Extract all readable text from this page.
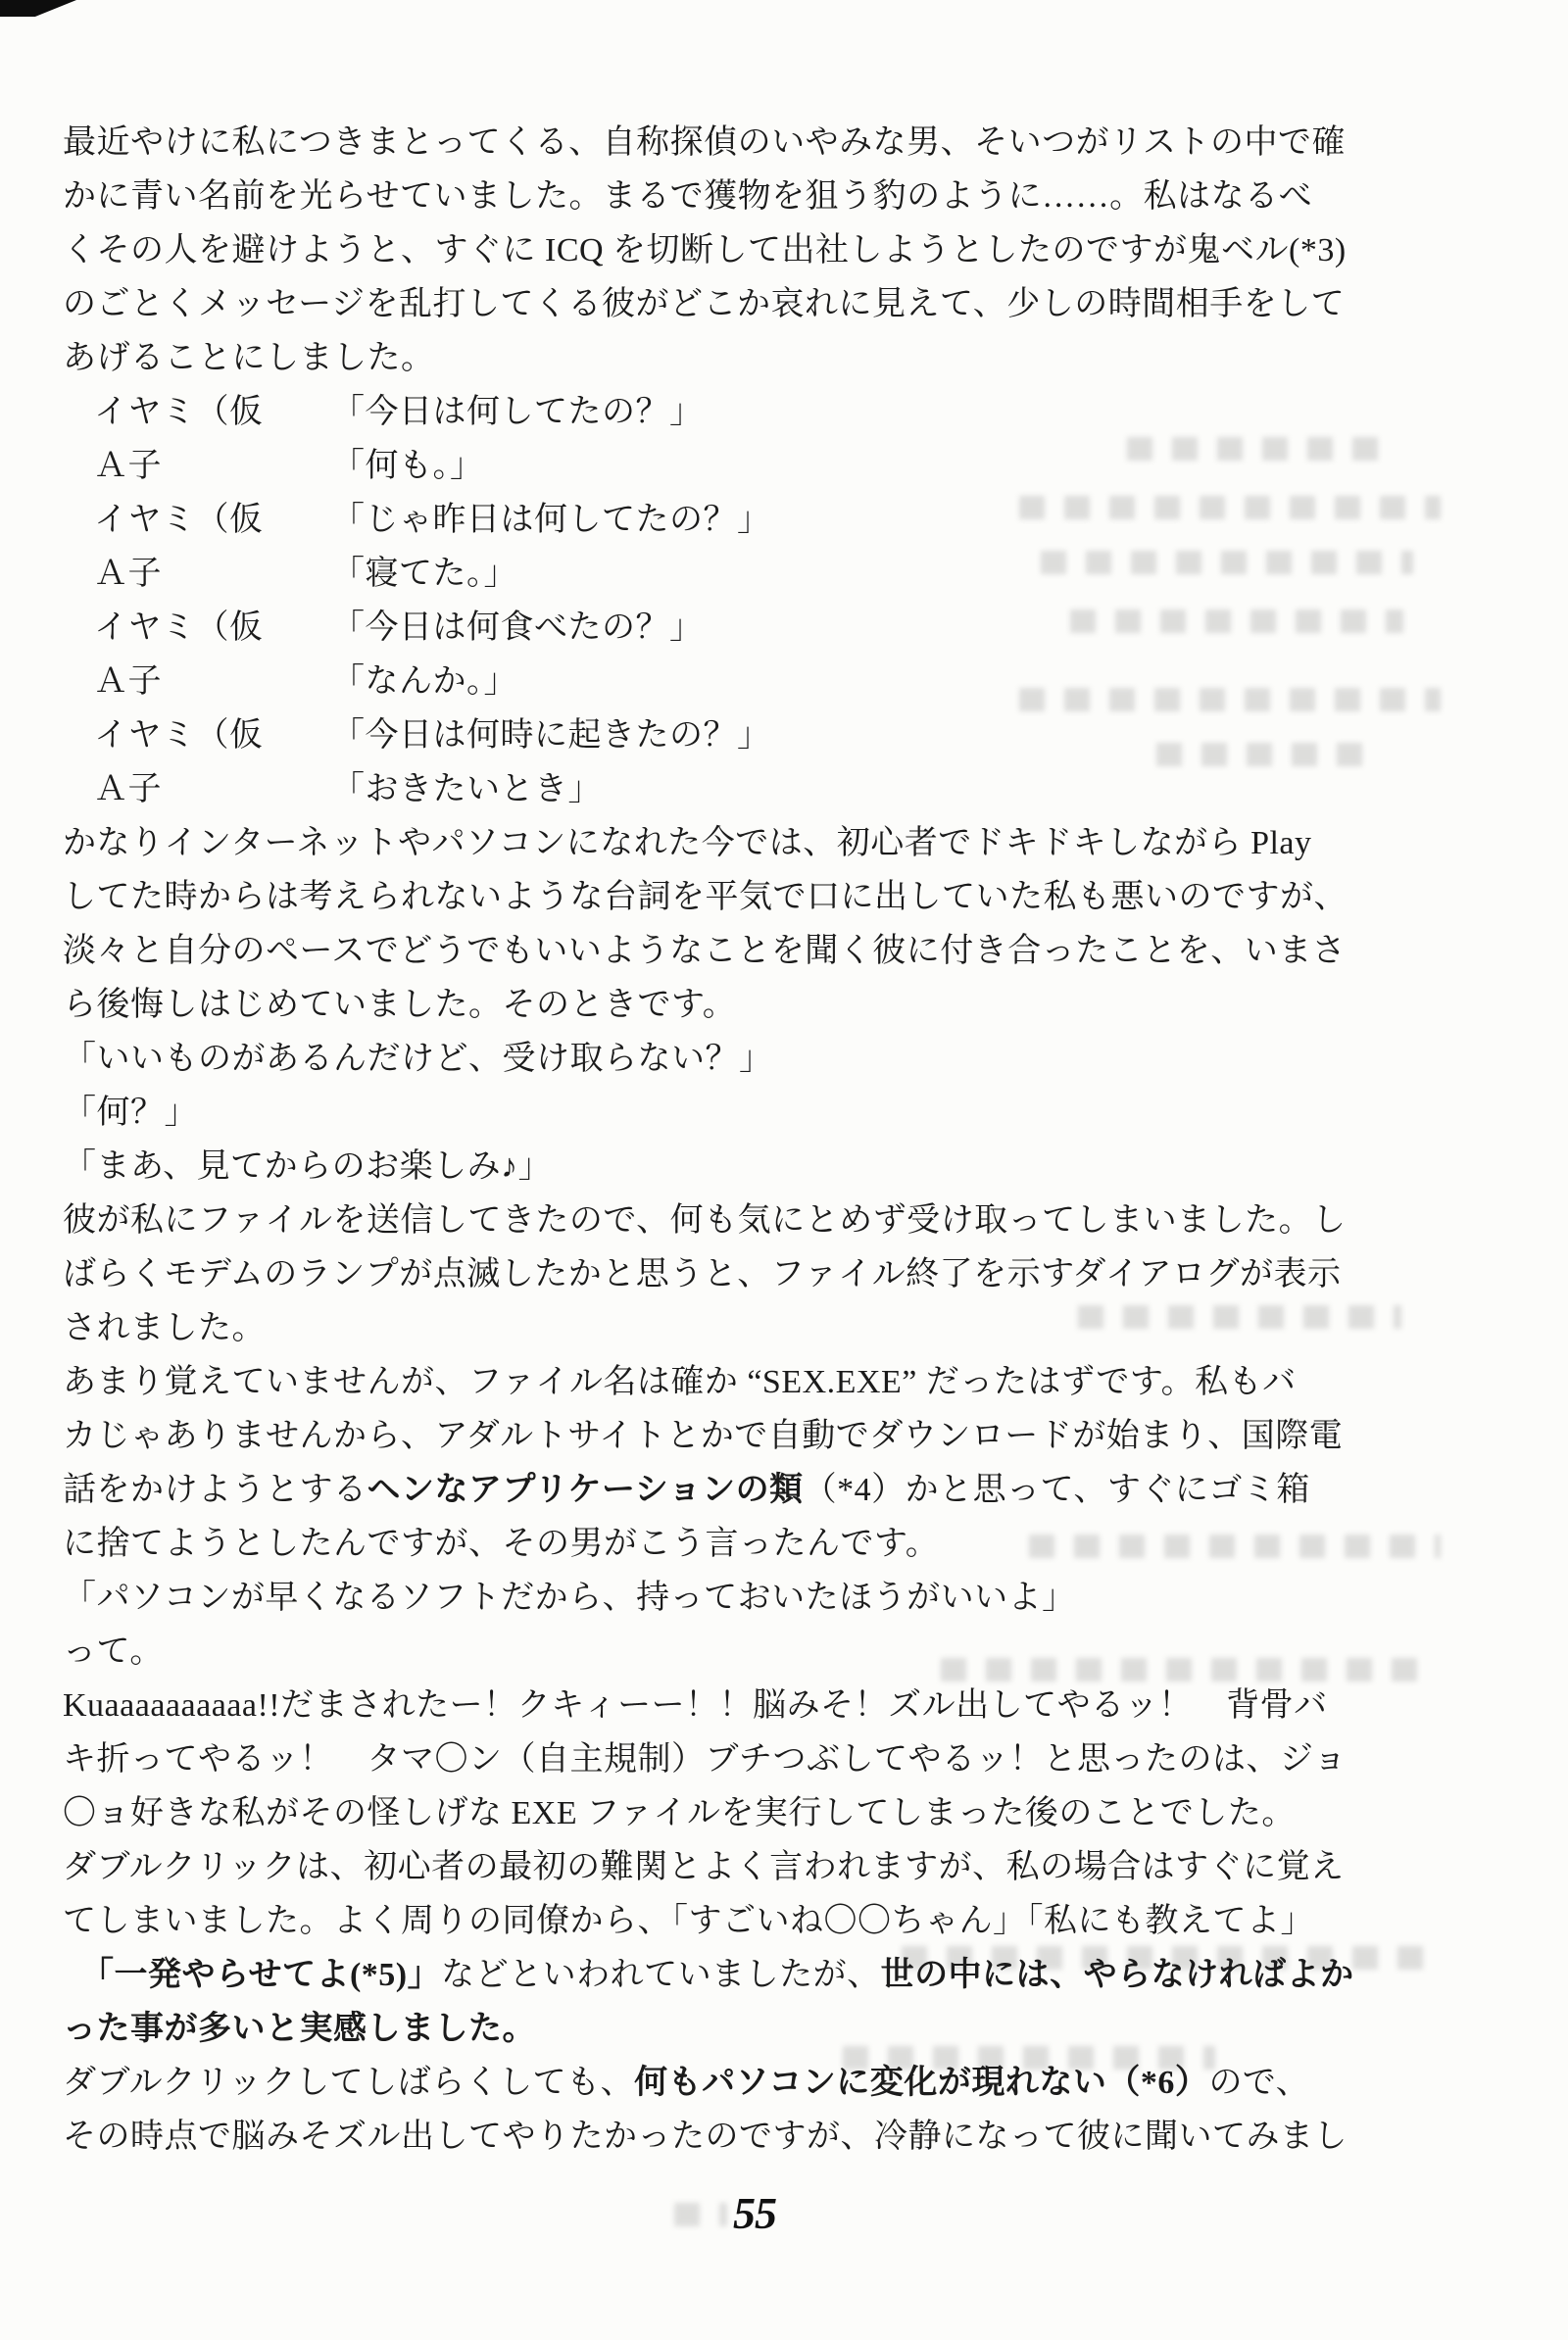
最近やけに私につきまとってくる、自称探偵のいやみな男、そいつがリストの中で確
かに青い名前を光らせていました。まるで獲物を狙う豹のように……。私はなるべ
くその人を避けようと、すぐに ICQ を切断して出社しようとしたのですが鬼ベル(*3)
のごとくメッセージを乱打してくる彼がどこか哀れに見えて、少しの時間相手をして
あげることにしました。
イヤミ（仮 「今日は何してたの？」
Ａ子	「何も。」
イヤミ（仮 「じゃ昨日は何してたの？」
Ａ子	「寝てた。」
イヤミ（仮 「今日は何食べたの？」
Ａ子	「なんか。」
イヤミ（仮 「今日は何時に起きたの？」
Ａ子	「おきたいとき」
かなりインターネットやパソコンになれた今では、初心者でドキドキしながら Play
してた時からは考えられないような台詞を平気で口に出していた私も悪いのですが、
淡々と自分のペースでどうでもいいようなことを聞く彼に付き合ったことを、いまさ
ら後悔しはじめていました。そのときです。
「いいものがあるんだけど、受け取らない？」
「何？」
「まあ、見てからのお楽しみ♪」
彼が私にファイルを送信してきたので、何も気にとめず受け取ってしまいました。し
ばらくモデムのランプが点滅したかと思うと、ファイル終了を示すダイアログが表示
されました。
あまり覚えていませんが、ファイル名は確か “SEX.EXE” だったはずです。私もバ
カじゃありませんから、アダルトサイトとかで自動でダウンロードが始まり、国際電
話をかけようとするヘンなアプリケーションの類（*4）かと思って、すぐにゴミ箱
に捨てようとしたんですが、その男がこう言ったんです。
「パソコンが早くなるソフトだから、持っておいたほうがいいよ」
って。
Kuaaaaaaaaaa!!だまされたー！クキィーー！！脳みそ！ズル出してやるッ！　背骨バ
キ折ってやるッ！　タマ〇ン（自主規制）ブチつぶしてやるッ！と思ったのは、ジョ
〇ョ好きな私がその怪しげな EXE ファイルを実行してしまった後のことでした。
ダブルクリックは、初心者の最初の難関とよく言われますが、私の場合はすぐに覚え
てしまいました。よく周りの同僚から、「すごいね〇〇ちゃん」「私にも教えてよ」
「一発やらせてよ(*5)」などといわれていましたが、世の中には、やらなければよか
った事が多いと実感しました。
ダブルクリックしてしばらくしても、何もパソコンに変化が現れない（*6）ので、
その時点で脳みそズル出してやりたかったのですが、冷静になって彼に聞いてみまし
55
